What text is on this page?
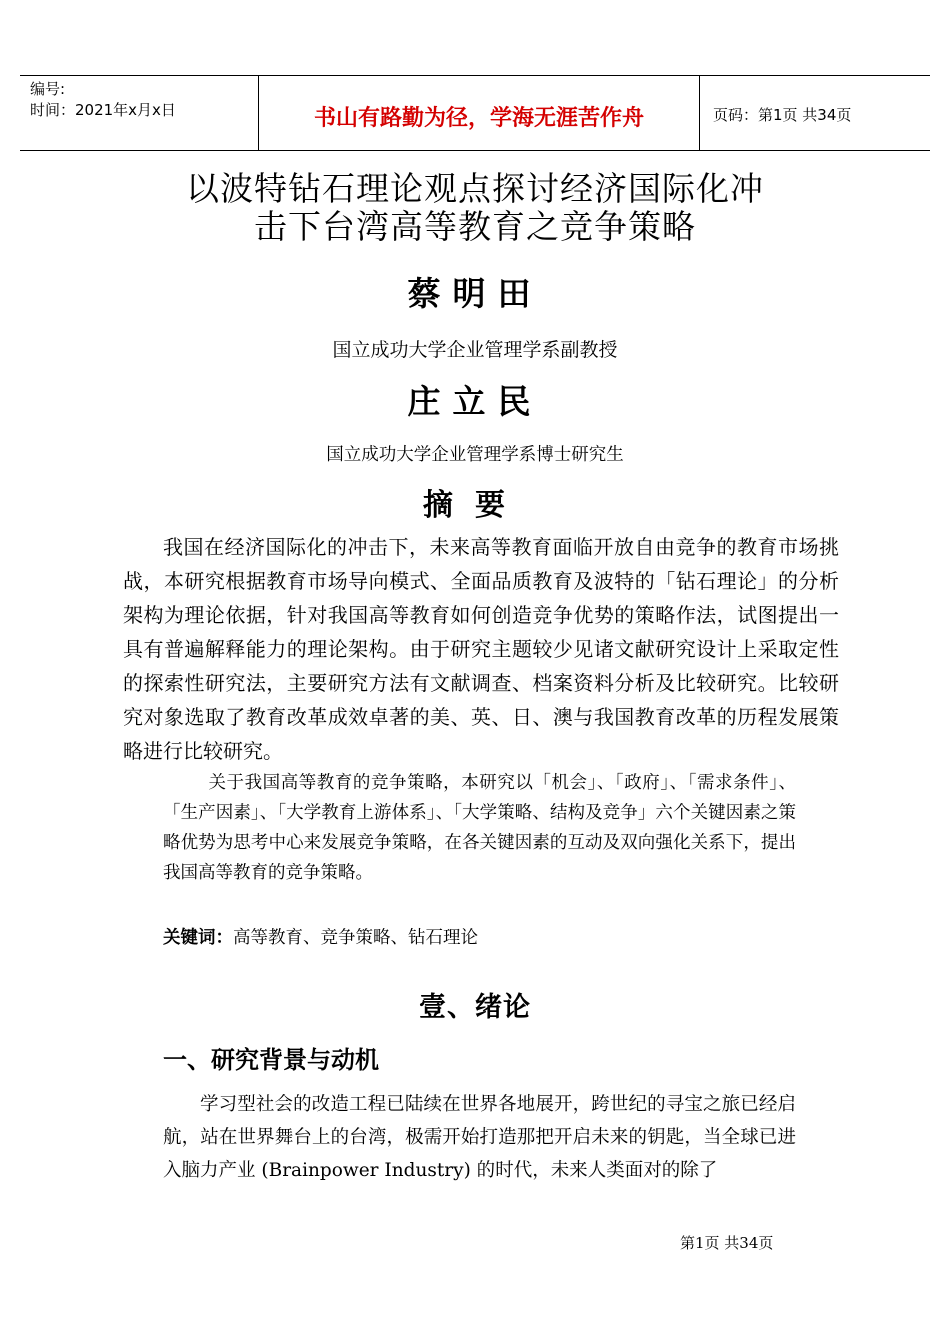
编号:
时间：2021年x月x日	书山有路勤为径，学海无涯苦作舟	页码：第1页 共34页
以波特钻石理论观点探讨经济国际化冲
击下台湾高等教育之竞争策略
蔡明田
国立成功大学企业管理学系副教授
庄立民
国立成功大学企业管理学系博士研究生
摘要
我国在经济国际化的冲击下，未来高等教育面临开放自由竞争的教育市场挑战，本研究根据教育市场导向模式、全面品质教育及波特的「钻石理论」的分析架构为理论依据，针对我国高等教育如何创造竞争优势的策略作法，试图提出一具有普遍解释能力的理论架构。由于研究主题较少见诸文献研究设计上采取定性的探索性研究法，主要研究方法有文献调查、档案资料分析及比较研究。比较研究对象选取了教育改革成效卓著的美、英、日、澳与我国教育改革的历程发展策略进行比较研究。
关于我国高等教育的竞争策略，本研究以「机会」、「政府」、「需求条件」、「生产因素」、「大学教育上游体系」、「大学策略、结构及竞争」六个关键因素之策略优势为思考中心来发展竞争策略，在各关键因素的互动及双向强化关系下，提出我国高等教育的竞争策略。
关键词：高等教育、竞争策略、钻石理论
壹、绪论
一、研究背景与动机
学习型社会的改造工程已陆续在世界各地展开，跨世纪的寻宝之旅已经启航，站在世界舞台上的台湾，极需开始打造那把开启未来的钥匙，当全球已进入脑力产业 (Brainpower Industry) 的时代，未来人类面对的除了
第1页 共34页
